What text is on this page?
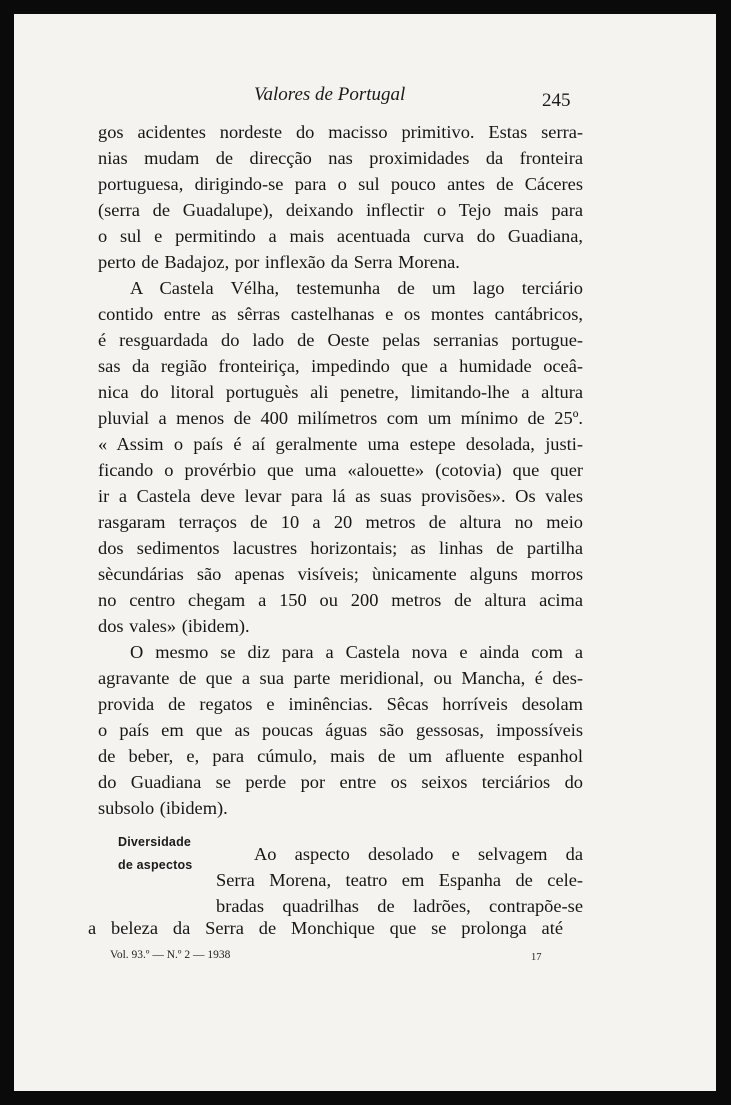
Valores de Portugal	245
gos acidentes nordeste do macisso primitivo. Estas serra-
nias mudam de direcção nas proximidades da fronteira
portuguesa, dirigindo-se para o sul pouco antes de Cáceres
(serra de Guadalupe), deixando inflectir o Tejo mais para
o sul e permitindo a mais acentuada curva do Guadiana,
perto de Badajoz, por inflexão da Serra Morena.
A Castela Vélha, testemunha de um lago terciário
contido entre as sêrras castelhanas e os montes cantábricos,
é resguardada do lado de Oeste pelas serranias portugue-
sas da região fronteiriça, impedindo que a humidade oceâ-
nica do litoral portuguès ali penetre, limitando-lhe a altura
pluvial a menos de 400 milímetros com um mínimo de 25º.
« Assim o país é aí geralmente uma estepe desolada, justi-
ficando o provérbio que uma «alouette» (cotovia) que quer
ir a Castela deve levar para lá as suas provisões». Os vales
rasgaram terraços de 10 a 20 metros de altura no meio
dos sedimentos lacustres horizontais; as linhas de partilha
sècundárias são apenas visíveis; ùnicamente alguns morros
no centro chegam a 150 ou 200 metros de altura acima
dos vales» (ibidem).
O mesmo se diz para a Castela nova e ainda com a
agravante de que a sua parte meridional, ou Mancha, é des-
provida de regatos e iminências. Sêcas horríveis desolam
o país em que as poucas águas são gessosas, impossíveis
de beber, e, para cúmulo, mais de um afluente espanhol
do Guadiana se perde por entre os seixos terciários do
subsolo (ibidem).
Diversidade
de aspectos
Ao aspecto desolado e selvagem da
Serra Morena, teatro em Espanha de cele-
bradas quadrilhas de ladrões, contrapõe-se
a beleza da Serra de Monchique que se prolonga até
Vol. 93.º — N.º 2 — 1938	17
